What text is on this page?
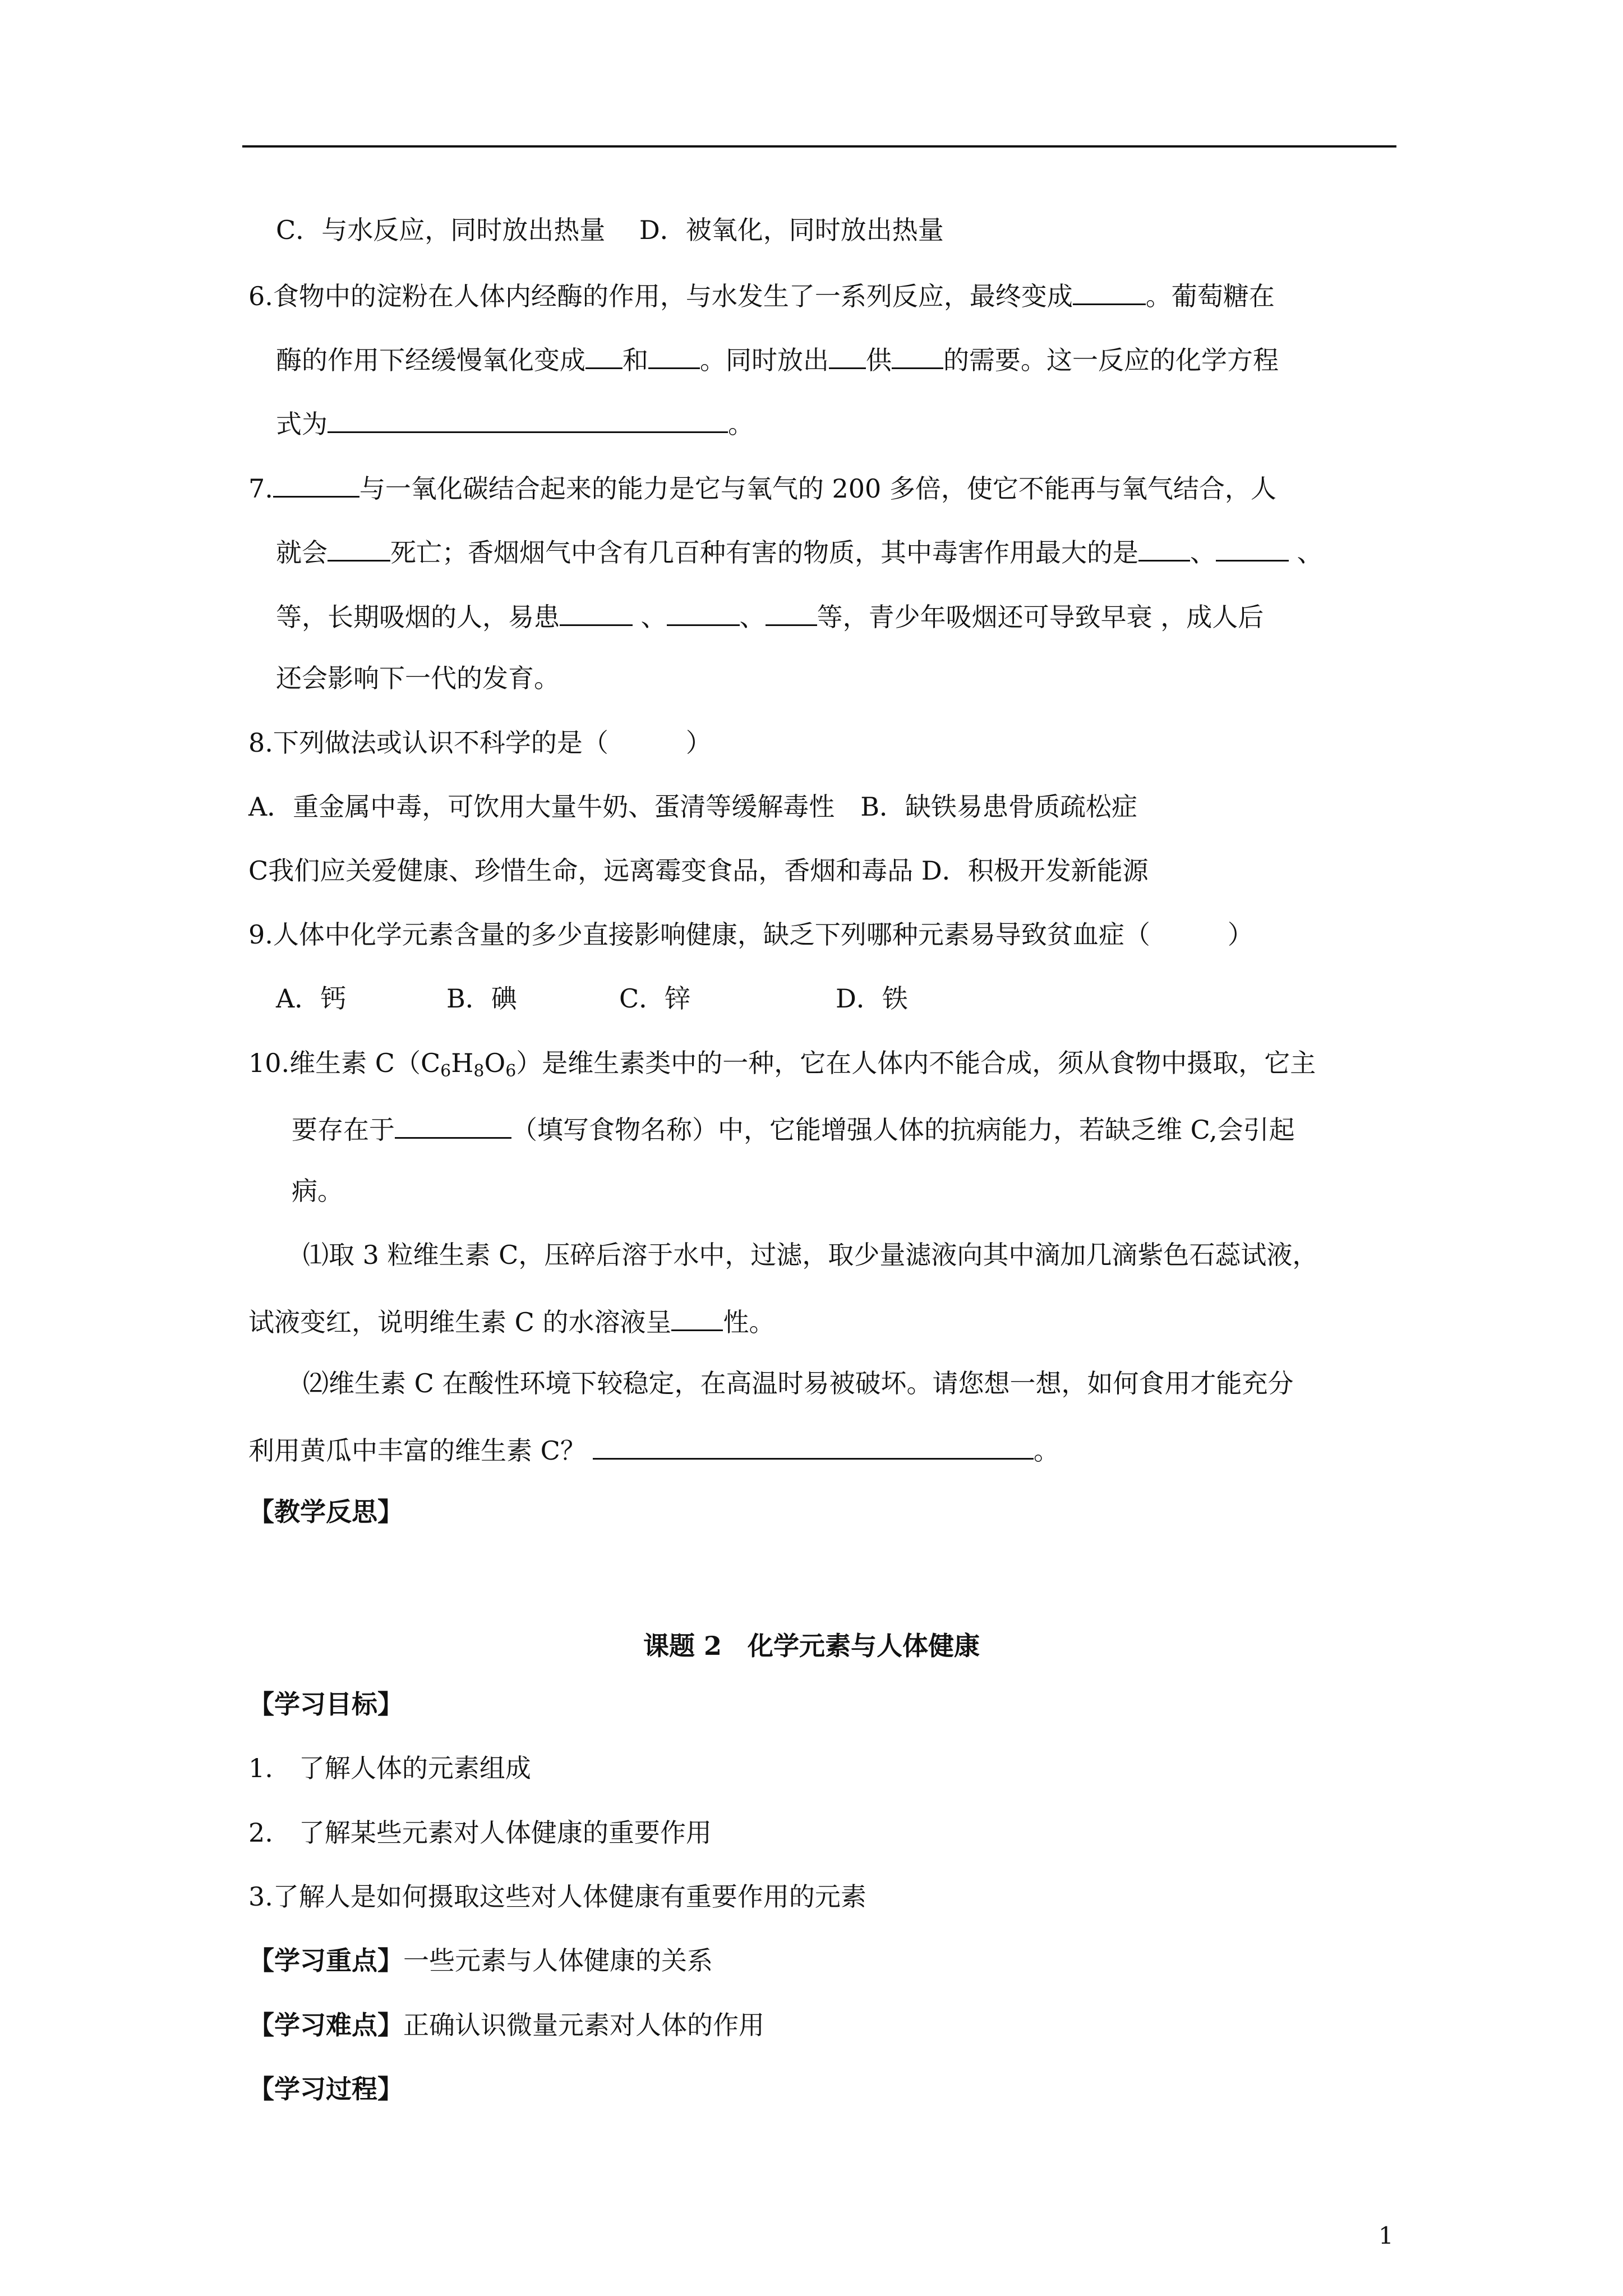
C．与水反应，同时放出热量　 D．被氧化，同时放出热量
6.食物中的淀粉在人体内经酶的作用，与水发生了一系列反应，最终变成	。葡萄糖在
酶的作用下经缓慢氧化变成 和 。同时放出 供 的需要。这一反应的化学方程
式为	。
7.	与一氧化碳结合起来的能力是它与氧气的 200 多倍，使它不能再与氧气结合，人
就会 死亡；香烟烟气中含有几百种有害的物质，其中毒害作用最大的是 、	、
等，长期吸烟的人，易患	、	、 等，青少年吸烟还可导致早衰 ，成人后
还会影响下一代的发育。
8.下列做法或认识不科学的是（　　　）
A．重金属中毒，可饮用大量牛奶、蛋清等缓解毒性　B．缺铁易患骨质疏松症
C我们应关爱健康、珍惜生命，远离霉变食品，香烟和毒品 D．积极开发新能源
9.人体中化学元素含量的多少直接影响健康，缺乏下列哪种元素易导致贫血症（　　　）
A．钙	B．碘	C．锌	D．铁
10.维生素 $C(C_6H_8O_6)$是维生素类中的一种，它在人体内不能合成，须从食物中摄取，它主
要存在于	（填写食物名称）中，它能增强人体的抗病能力，若缺乏维 C,会引起
病。
⑴取 3 粒维生素 C，压碎后溶于水中，过滤，取少量滤液向其中滴加几滴紫色石蕊试液，
试液变红，说明维生素 C 的水溶液呈 性。
⑵维生素 C 在酸性环境下较稳定，在高温时易被破坏。请您想一想，如何食用才能充分
利用黄瓜中丰富的维生素 C？	。
【教学反思】
课题 2　化学元素与人体健康
【学习目标】
1.　了解人体的元素组成
2.　了解某些元素对人体健康的重要作用
3.了解人是如何摄取这些对人体健康有重要作用的元素
【学习重点】一些元素与人体健康的关系
【学习难点】正确认识微量元素对人体的作用
【学习过程】
1
